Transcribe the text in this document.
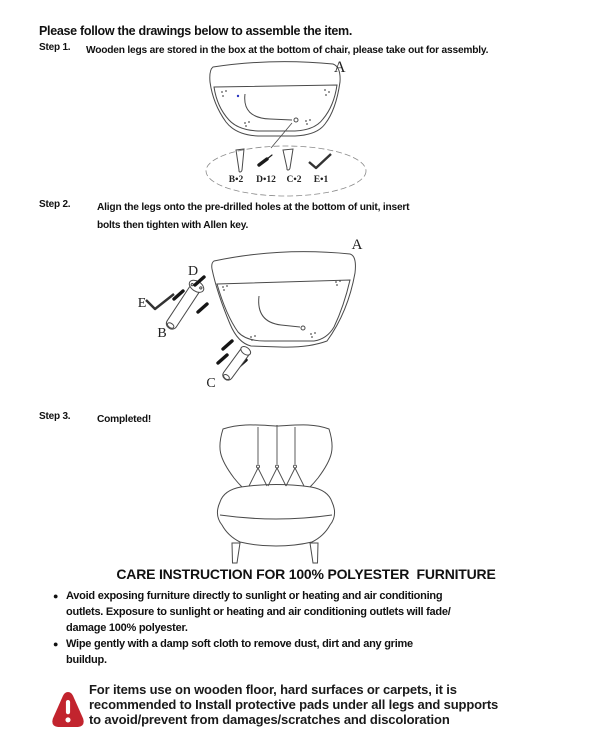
Please follow the drawings below to assemble the item.
Step 1.	Wooden legs are stored in the box at the bottom of chair, please take out for assembly.
A
B•2 D•12 C•2 E•1
Step 2.	Align the legs onto the pre-drilled holes at the bottom of unit, insert
bolts then tighten with Allen key.
A
D
E
B
C
Step 3.	Completed!
CARE INSTRUCTION FOR 100% POLYESTER  FURNITURE
● Avoid exposing furniture directly to sunlight or heating and air conditioning
outlets. Exposure to sunlight or heating and air conditioning outlets will fade/
damage 100% polyester.
● Wipe gently with a damp soft cloth to remove dust, dirt and any grime
buildup.
For items use on wooden floor, hard surfaces or carpets, it is
recommended to Install protective pads under all legs and supports
to avoid/prevent from damages/scratches and discoloration
